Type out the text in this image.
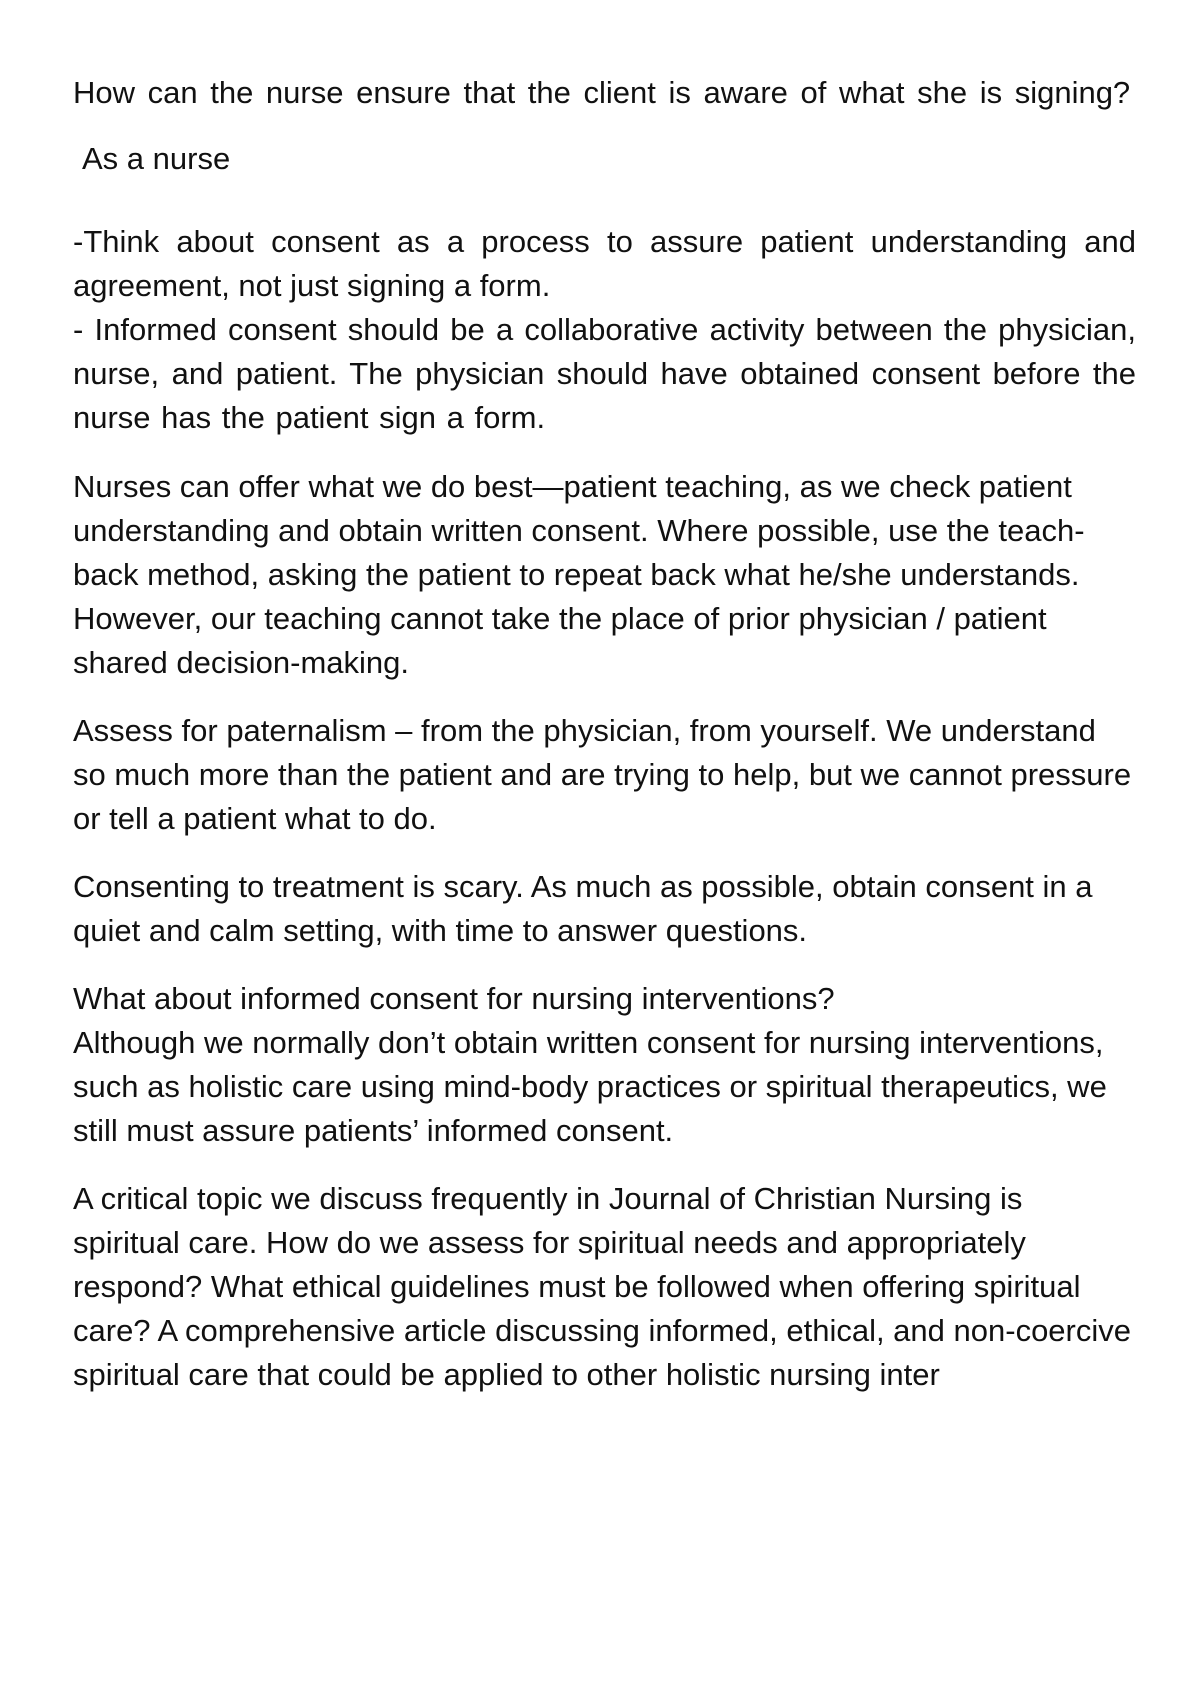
How can the nurse ensure that the client is aware of what she is signing?

As a nurse

-Think about consent as a process to assure patient understanding and agreement, not just signing a form.

- Informed consent should be a collaborative activity between the physician, nurse, and patient. The physician should have obtained consent before the nurse has the patient sign a form.

Nurses can offer what we do best—patient teaching, as we check patient understanding and obtain written consent. Where possible, use the teach-back method, asking the patient to repeat back what he/she understands. However, our teaching cannot take the place of prior physician / patient shared decision-making.

Assess for paternalism – from the physician, from yourself. We understand so much more than the patient and are trying to help, but we cannot pressure or tell a patient what to do.

Consenting to treatment is scary. As much as possible, obtain consent in a quiet and calm setting, with time to answer questions.

What about informed consent for nursing interventions?
Although we normally don’t obtain written consent for nursing interventions, such as holistic care using mind-body practices or spiritual therapeutics, we still must assure patients’ informed consent.

A critical topic we discuss frequently in Journal of Christian Nursing is spiritual care. How do we assess for spiritual needs and appropriately respond? What ethical guidelines must be followed when offering spiritual care? A comprehensive article discussing informed, ethical, and non-coercive spiritual care that could be applied to other holistic nursing inter
